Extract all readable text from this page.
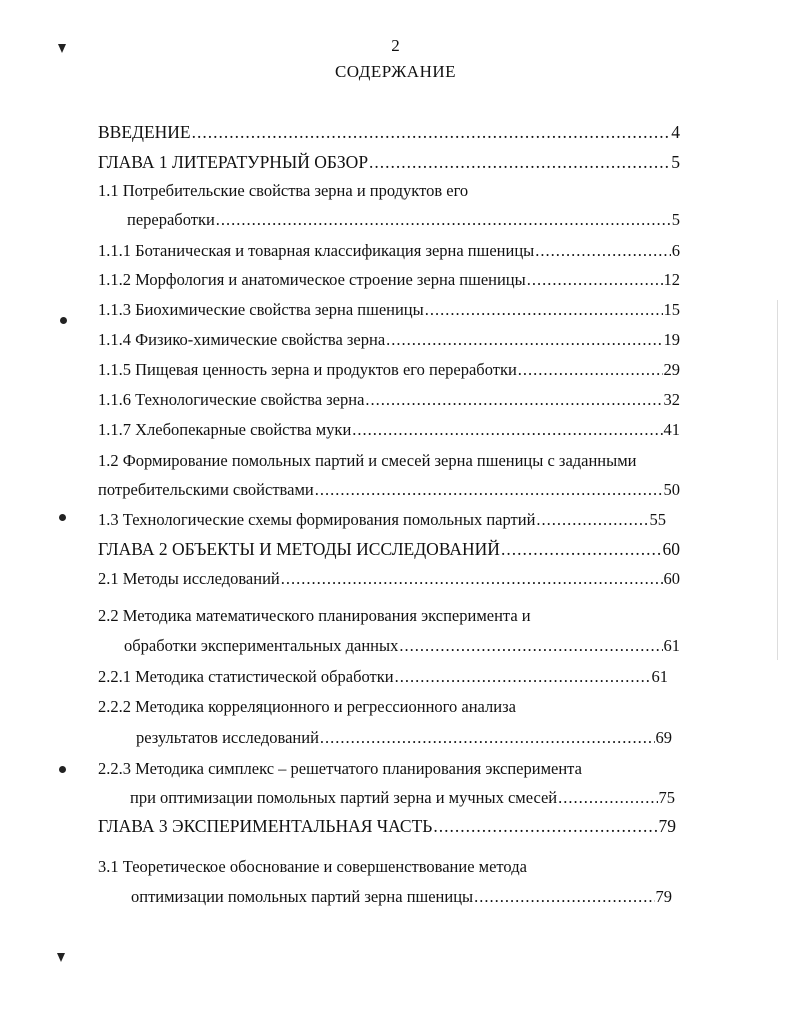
2
СОДЕРЖАНИЕ
ВВЕДЕНИЕ .....	4
ГЛАВА 1 ЛИТЕРАТУРНЫЙ ОБЗОР .....	5
1.1 Потребительские свойства зерна и продуктов его
переработки .....	5
1.1.1 Ботаническая и товарная классификация зерна пшеницы .....	6
1.1.2 Морфология и анатомическое строение зерна пшеницы .....	12
1.1.3 Биохимические свойства зерна пшеницы .....	15
1.1.4 Физико-химические свойства зерна .....	19
1.1.5 Пищевая ценность зерна и продуктов его переработки .....	29
1.1.6 Технологические свойства зерна .....	32
1.1.7 Хлебопекарные свойства муки .....	41
1.2 Формирование помольных партий и смесей зерна пшеницы с заданными
потребительскими свойствами .....	50
1.3 Технологические схемы формирования помольных партий .....	55
ГЛАВА 2 ОБЪЕКТЫ И МЕТОДЫ ИССЛЕДОВАНИЙ .....	60
2.1 Методы исследований .....	60
2.2 Методика математического планирования эксперимента и
обработки экспериментальных данных .....	61
2.2.1 Методика статистической обработки .....	61
2.2.2 Методика корреляционного и регрессионного анализа
результатов исследований .....	69
2.2.3 Методика симплекс – решетчатого планирования эксперимента
при оптимизации помольных партий зерна и мучных смесей .....	75
ГЛАВА 3 ЭКСПЕРИМЕНТАЛЬНАЯ ЧАСТЬ .....	79
3.1 Теоретическое обоснование и совершенствование метода
оптимизации помольных партий зерна пшеницы .....	79
